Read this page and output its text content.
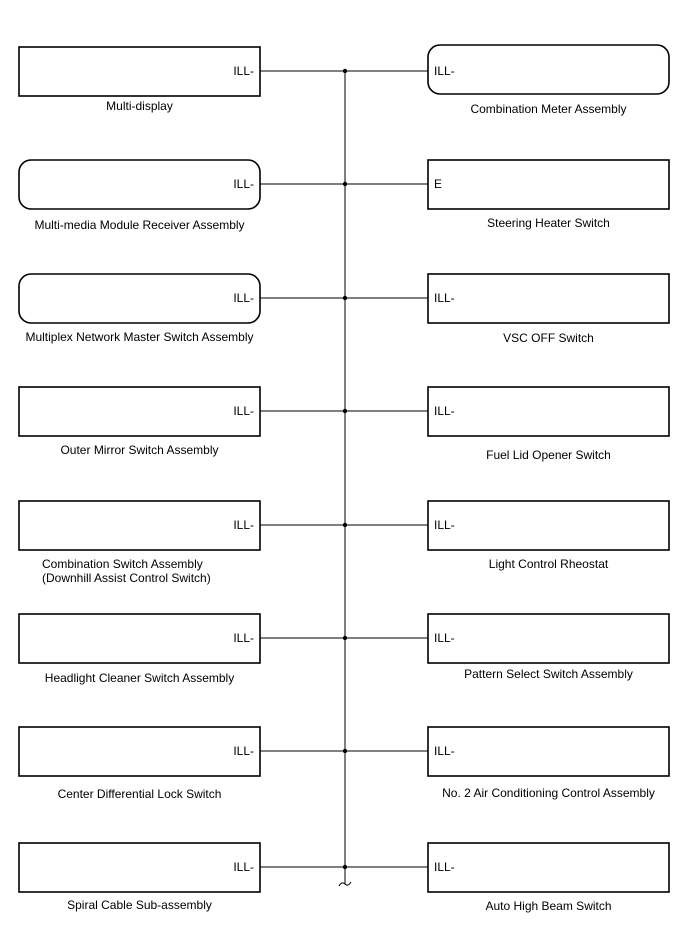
ILL-
Multi-display
ILL-
Combination Meter Assembly
ILL-
Multi-media Module Receiver Assembly
E
Steering Heater Switch
ILL-
Multiplex Network Master Switch Assembly
ILL-
VSC OFF Switch
ILL-
Outer Mirror Switch Assembly
ILL-
Fuel Lid Opener Switch
ILL-
Combination Switch Assembly
(Downhill Assist Control Switch)
ILL-
Light Control Rheostat
ILL-
Headlight Cleaner Switch Assembly
ILL-
Pattern Select Switch Assembly
ILL-
Center Differential Lock Switch
ILL-
No. 2 Air Conditioning Control Assembly
ILL-
Spiral Cable Sub-assembly
ILL-
Auto High Beam Switch
